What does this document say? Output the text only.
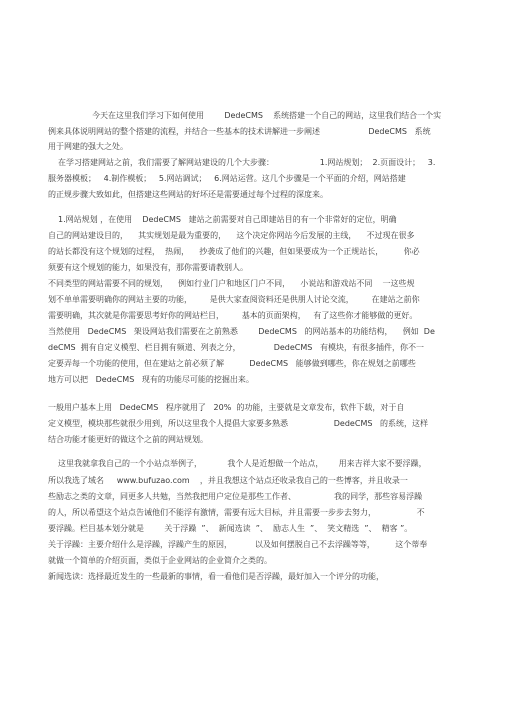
今天在这里我们学习下如何使用        DedeCMS    系统搭建一个自己的网站，这里我们结合一个实
例来具体说明网站的整个搭建的流程，并结合一些基本的技术讲解进一步阐述                   DedeCMS   系统
用于网建的强大之处。
在学习搭建网站之前，我们需要了解网站建设的几个大步骤：                  1.网站规划；  2.页面设计；   3.
服务器模板；   4.制作模板；   5.网站调试；   6.网站运营。这几个步骤是一个平面的介绍，网站搭建
的正规步骤大致如此，但搭建这些网站的好坏还是需要通过每个过程的深度来。
1.网站规划 ，在使用    DedeCMS   建站之前需要对自己即建站目的有一个非常好的定位，明确
自己的网站建设目的，    其实规划是最为重要的，    这个决定你网站今后发展的主线，    不过现在很多
的站长都没有这个规划的过程，  热闹，    抄袭成了他们的兴趣，但如果要成为一个正规站长，        你必
须要有这个规划的能力，如果没有，那你需要请教别人。
不同类型的网站需要不同的规划，    例如行业门户和地区门户不同，    小说站和游戏站不同    一这些规
划不单单需要明确你的网站主要的功能，       是供大家查阅资料还是供朋人讨论交流，       在建站之前你
需要明确，其次就是你需要思考好你的网站栏目，       基本的页面架构，   有了这些你才能够做的更好。
当然使用   DedeCMS   架设网站我们需要在之前熟悉        DedeCMS   的网站基本的功能结构，    例如  De
deCMS  拥有自定义模型、栏目拥有频道、列表之分，             DedeCMS   有模块，有很多插件，你不一
定要弄每一个功能的使用，但在建站之前必须了解          DedeCMS   能够做到哪些，你在规划之前哪些
地方可以把   DedeCMS   现有的功能尽可能的挖掘出来。
一般用户基本上用   DedeCMS   程序就用了   20%  的功能，主要就是文章发布，软件下载，对于自
定义模型，模块那些就很少用到，所以这里我个人提倡大家要多熟悉                  DedeCMS   的系统，这样
结合功能才能更好的做这个之前的网站规划。
这里我就拿我自己的一个小站点举例子，          我个人是近想做一个站点，      用来吉祥大家不要浮躁，
所以我选了域名     www.bufuzao.com    ，并且我想这个站点还收录我自己的一些博客，并且收录一
些励志之类的文章，同更多人共勉，当然我把用户定位是那些工作者、               我的同学，那些容易浮躁
的人，所以希望这个站点告诫他们不能浮有激情，需要有远大目标，并且需要一步步去努力，                不
要浮躁。栏目基本划分就是        关于浮躁  ”、  新闻选读  ”、  励志人生  ”、  笑文精选  ”、  精客 ”。
关于浮躁：主要介绍什么是浮躁，浮躁产生的原因，         以及如何摆脱自己不去浮躁等等，        这个蒂奉
就做一个简单的介绍页面，类似于企业网站的企业简介之类的。
新闻选读：选择最近发生的一些最新的事情，看一看他们是否浮躁，最好加入一个评分的功能，
